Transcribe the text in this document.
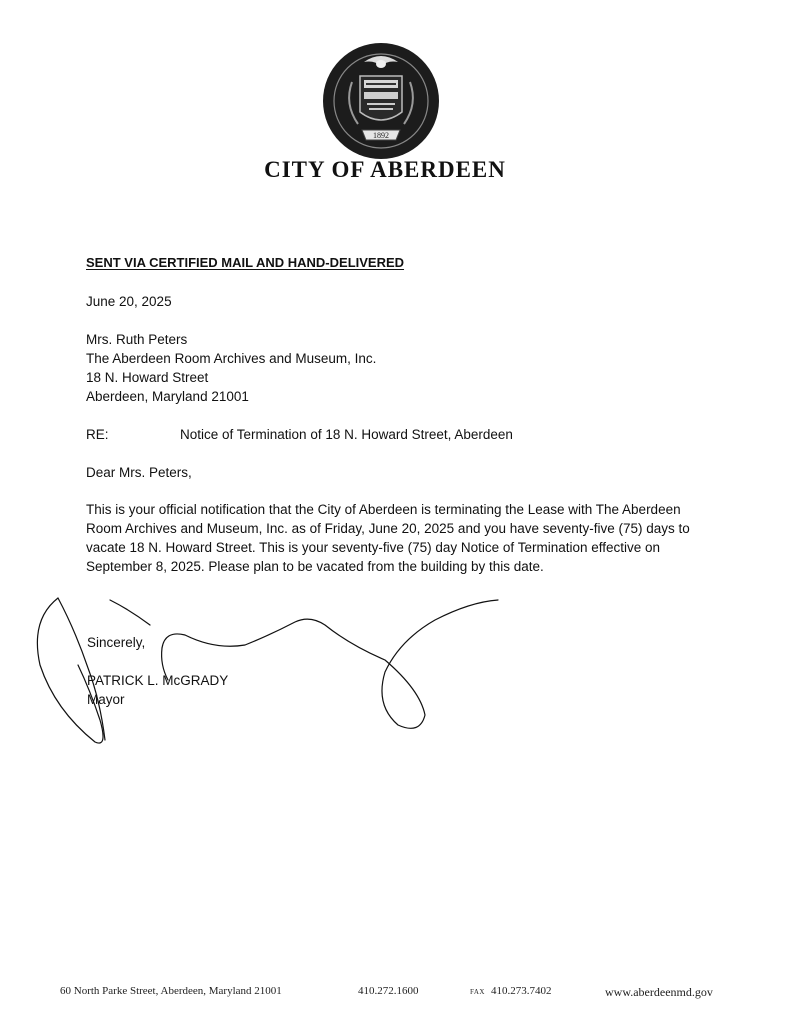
1892
CITY OF ABERDEEN
SENT VIA CERTIFIED MAIL AND HAND-DELIVERED
June 20, 2025
Mrs. Ruth Peters
The Aberdeen Room Archives and Museum, Inc.
18 N. Howard Street
Aberdeen, Maryland 21001
RE:	Notice of Termination of 18 N. Howard Street, Aberdeen
Dear Mrs. Peters,
This is your official notification that the City of Aberdeen is terminating the Lease with The Aberdeen Room Archives and Museum, Inc. as of Friday, June 20, 2025 and you have seventy-five (75) days to vacate 18 N. Howard Street. This is your seventy-five (75) day Notice of Termination effective on September 8, 2025. Please plan to be vacated from the building by this date.
Sincerely,
PATRICK L. McGRADY
Mayor
60 North Parke Street, Aberdeen, Maryland 21001	410.272.1600	FAX 410.273.7402	www.aberdeenmd.gov
